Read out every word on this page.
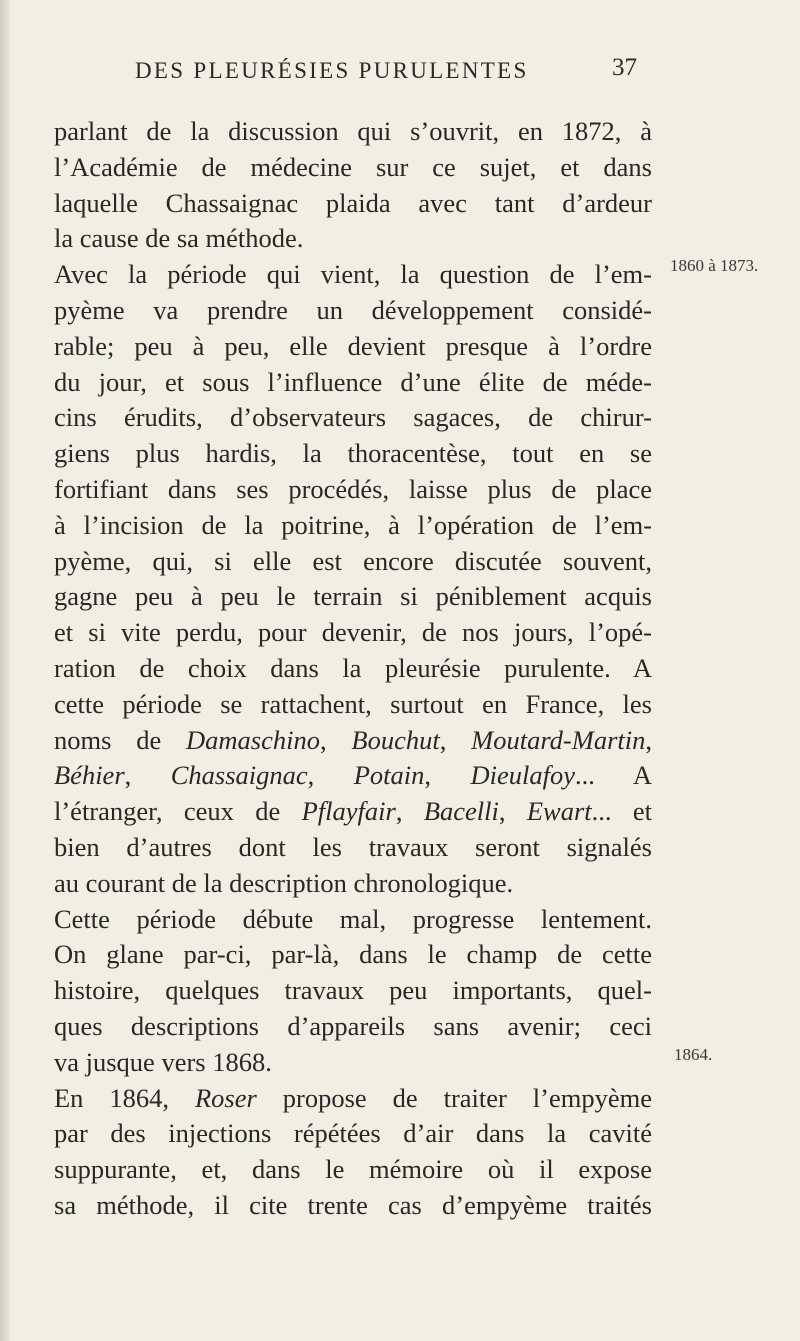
DES PLEURÉSIES PURULENTES	37
parlant de la discussion qui s’ouvrit, en 1872, à
l’Académie de médecine sur ce sujet, et dans
laquelle Chassaignac plaida avec tant d’ardeur
la cause de sa méthode.
Avec la période qui vient, la question de l’em-
pyème va prendre un développement considé-
rable; peu à peu, elle devient presque à l’ordre
du jour, et sous l’influence d’une élite de méde-
cins érudits, d’observateurs sagaces, de chirur-
giens plus hardis, la thoracentèse, tout en se
fortifiant dans ses procédés, laisse plus de place
à l’incision de la poitrine, à l’opération de l’em-
pyème, qui, si elle est encore discutée souvent,
gagne peu à peu le terrain si péniblement acquis
et si vite perdu, pour devenir, de nos jours, l’opé-
ration de choix dans la pleurésie purulente. A
cette période se rattachent, surtout en France, les
noms de Damaschino, Bouchut, Moutard-Martin,
Béhier, Chassaignac, Potain, Dieulafoy... A
l’étranger, ceux de Pflayfair, Bacelli, Ewart... et
bien d’autres dont les travaux seront signalés
au courant de la description chronologique.
Cette période débute mal, progresse lentement.
On glane par-ci, par-là, dans le champ de cette
histoire, quelques travaux peu importants, quel-
ques descriptions d’appareils sans avenir; ceci
va jusque vers 1868.
En 1864, Roser propose de traiter l’empyème
par des injections répétées d’air dans la cavité
suppurante, et, dans le mémoire où il expose
sa méthode, il cite trente cas d’empyème traités
1860 à 1873.
1864.
